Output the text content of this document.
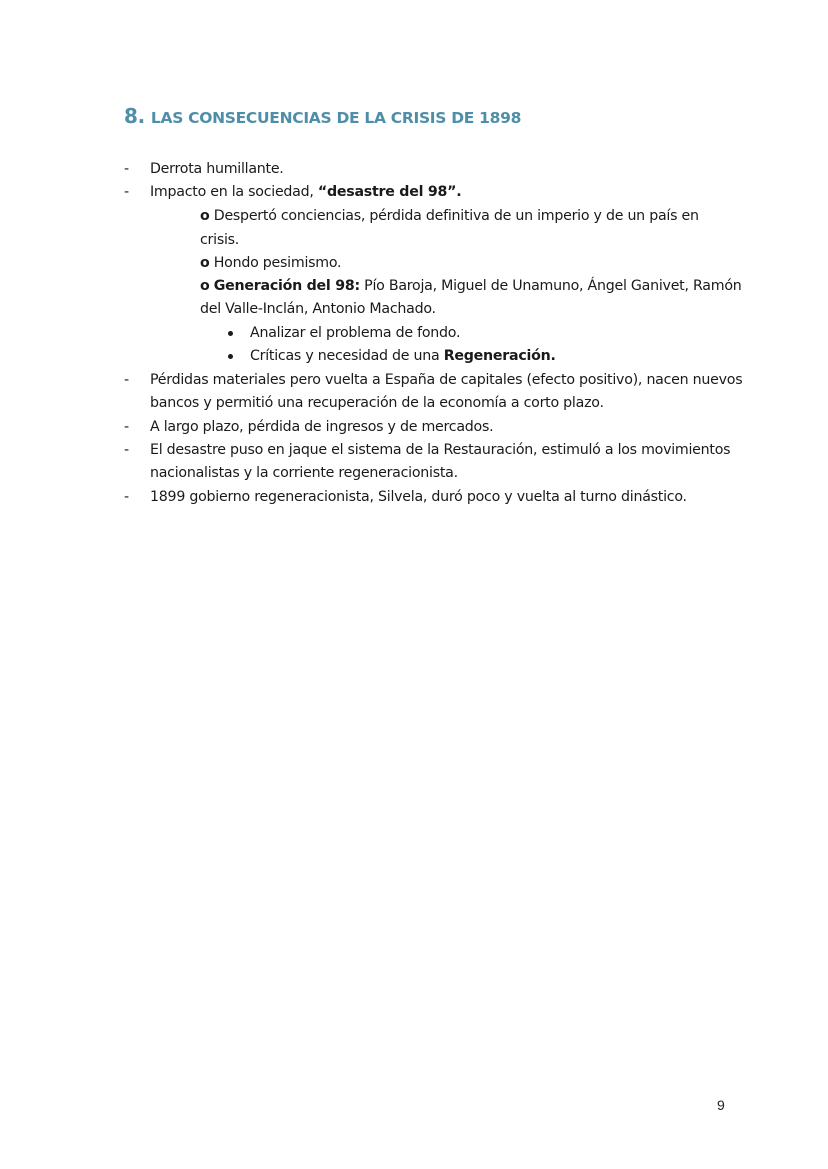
8. LAS CONSECUENCIAS DE LA CRISIS DE 1898
- Derrota humillante.
- Impacto en la sociedad, “desastre del 98”.
o Despertó conciencias, pérdida definitiva de un imperio y de un país en
crisis.
o Hondo pesimismo.
o Generación del 98: Pío Baroja, Miguel de Unamuno, Ángel Ganivet, Ramón
del Valle-Inclán, Antonio Machado.
Analizar el problema de fondo.
Críticas y necesidad de una Regeneración.
- Pérdidas materiales pero vuelta a España de capitales (efecto positivo), nacen nuevos
bancos y permitió una recuperación de la economía a corto plazo.
- A largo plazo, pérdida de ingresos y de mercados.
- El desastre puso en jaque el sistema de la Restauración, estimuló a los movimientos
nacionalistas y la corriente regeneracionista.
- 1899 gobierno regeneracionista, Silvela, duró poco y vuelta al turno dinástico.
9
